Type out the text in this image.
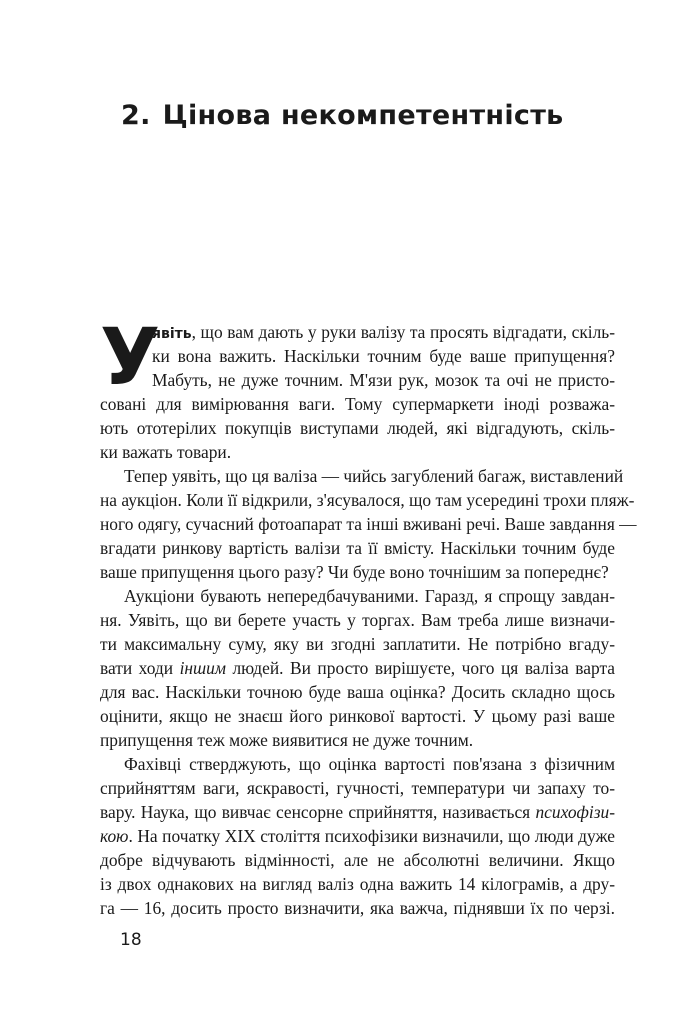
2. Цінова некомпетентність
У
явіть, що вам дають у руки валізу та просять відгадати, скіль-
ки вона важить. Наскільки точним буде ваше припущення?
Мабуть, не дуже точним. М'язи рук, мозок та очі не присто-
совані для вимірювання ваги. Тому супермаркети іноді розважа-
ють ототерілих покупців виступами людей, які відгадують, скіль-
ки важать товари.
Тепер уявіть, що ця валіза — чийсь загублений багаж, виставлений
на аукціон. Коли її відкрили, з'ясувалося, що там усередині трохи пляж-
ного одягу, сучасний фотоапарат та інші вживані речі. Ваше завдання —
вгадати ринкову вартість валізи та її вмісту. Наскільки точним буде
ваше припущення цього разу? Чи буде воно точнішим за попереднє?
Аукціони бувають непередбачуваними. Гаразд, я спрощу завдан-
ня. Уявіть, що ви берете участь у торгах. Вам треба лише визначи-
ти максимальну суму, яку ви згодні заплатити. Не потрібно вгаду-
вати ходи іншим людей. Ви просто вирішуєте, чого ця валіза варта
для вас. Наскільки точною буде ваша оцінка? Досить складно щось
оцінити, якщо не знаєш його ринкової вартості. У цьому разі ваше
припущення теж може виявитися не дуже точним.
Фахівці стверджують, що оцінка вартості пов'язана з фізичним
сприйняттям ваги, яскравості, гучності, температури чи запаху то-
вару. Наука, що вивчає сенсорне сприйняття, називається психофізи-
кою. На початку XIX століття психофізики визначили, що люди дуже
добре відчувають відмінності, але не абсолютні величини. Якщо
із двох однакових на вигляд валіз одна важить 14 кілограмів, а дру-
га — 16, досить просто визначити, яка важча, піднявши їх по черзі.
18
